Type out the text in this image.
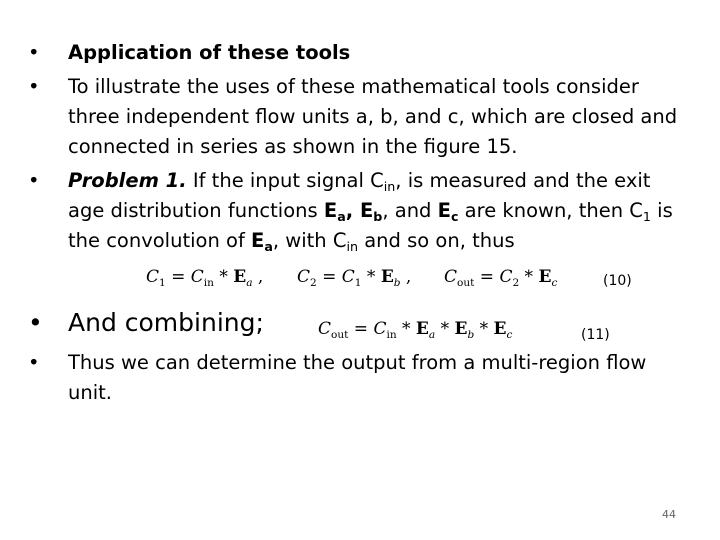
•	Application of these tools
•	To illustrate the uses of these mathematical tools consider three independent flow units a, b, and c, which are closed and connected in series as shown in the figure 15.
•	Problem 1. If the input signal $C_{in}$, is measured and the exit age distribution functions $E_a$, $E_b$, and $E_c$ are known, then $C_1$ is the convolution of $E_a$, with $C_{in}$ and so on, thus
$C_1 = C_{in} * E_a$ , $C_2 = C_1 * E_b$ , $C_{out} = C_2 * E_c$	(10)
• And combining;	$C_{out} = C_{in} * E_a * E_b * E_c$	(11)
•	Thus we can determine the output from a multi-region flow unit.
44
